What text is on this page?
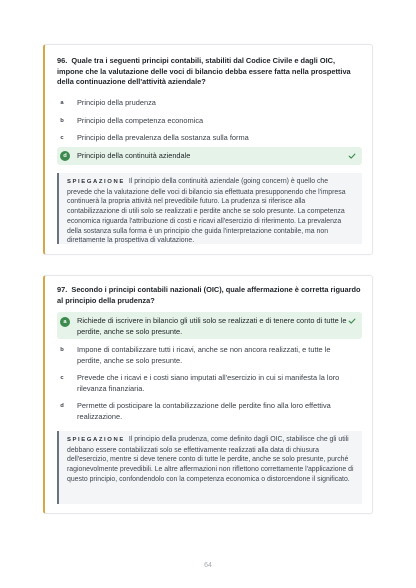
96. Quale tra i seguenti principi contabili, stabiliti dal Codice Civile e dagli OIC, impone che la valutazione delle voci di bilancio debba essere fatta nella prospettiva della continuazione dell'attività aziendale?

a	Principio della prudenza
b	Principio della competenza economica
c	Principio della prevalenza della sostanza sulla forma
d	Principio della continuità aziendale
SPIEGAZIONE Il principio della continuità aziendale (going concern) è quello che prevede che la valutazione delle voci di bilancio sia effettuata presupponendo che l'impresa continuerà la propria attività nel prevedibile futuro. La prudenza si riferisce alla contabilizzazione di utili solo se realizzati e perdite anche se solo presunte. La competenza economica riguarda l'attribuzione di costi e ricavi all'esercizio di riferimento. La prevalenza della sostanza sulla forma è un principio che guida l'interpretazione contabile, ma non direttamente la prospettiva di valutazione.

97. Secondo i principi contabili nazionali (OIC), quale affermazione è corretta riguardo al principio della prudenza?

a	Richiede di iscrivere in bilancio gli utili solo se realizzati e di tenere conto di tutte le perdite, anche se solo presunte.
b	Impone di contabilizzare tutti i ricavi, anche se non ancora realizzati, e tutte le perdite, anche se solo presunte.
c	Prevede che i ricavi e i costi siano imputati all'esercizio in cui si manifesta la loro rilevanza finanziaria.
d	Permette di posticipare la contabilizzazione delle perdite fino alla loro effettiva realizzazione.
SPIEGAZIONE Il principio della prudenza, come definito dagli OIC, stabilisce che gli utili debbano essere contabilizzati solo se effettivamente realizzati alla data di chiusura dell'esercizio, mentre si deve tenere conto di tutte le perdite, anche se solo presunte, purché ragionevolmente prevedibili. Le altre affermazioni non riflettono correttamente l'applicazione di questo principio, confondendolo con la competenza economica o distorcendone il significato.
64
